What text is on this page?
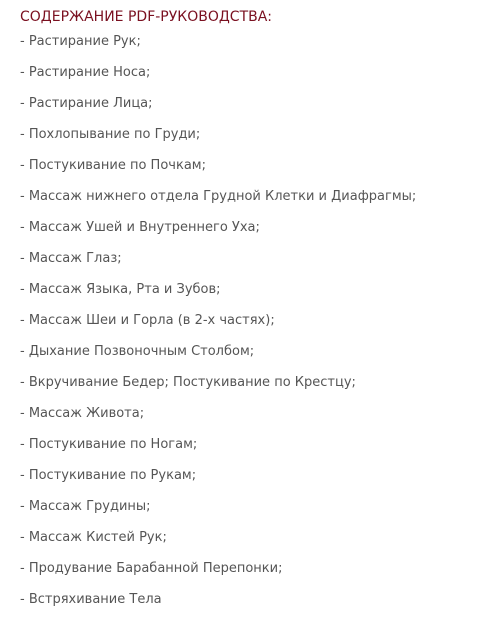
СОДЕРЖАНИЕ PDF-РУКОВОДСТВА:
- Растирание Рук;
- Растирание Носа;
- Растирание Лица;
- Похлопывание по Груди;
- Постукивание по Почкам;
- Массаж нижнего отдела Грудной Клетки и Диафрагмы;
- Массаж Ушей и Внутреннего Уха;
- Массаж Глаз;
- Массаж Языка, Рта и Зубов;
- Массаж Шеи и Горла (в 2-х частях);
- Дыхание Позвоночным Столбом;
- Вкручивание Бедер; Постукивание по Крестцу;
- Массаж Живота;
- Постукивание по Ногам;
- Постукивание по Рукам;
- Массаж Грудины;
- Массаж Кистей Рук;
- Продувание Барабанной Перепонки;
- Встряхивание Тела
